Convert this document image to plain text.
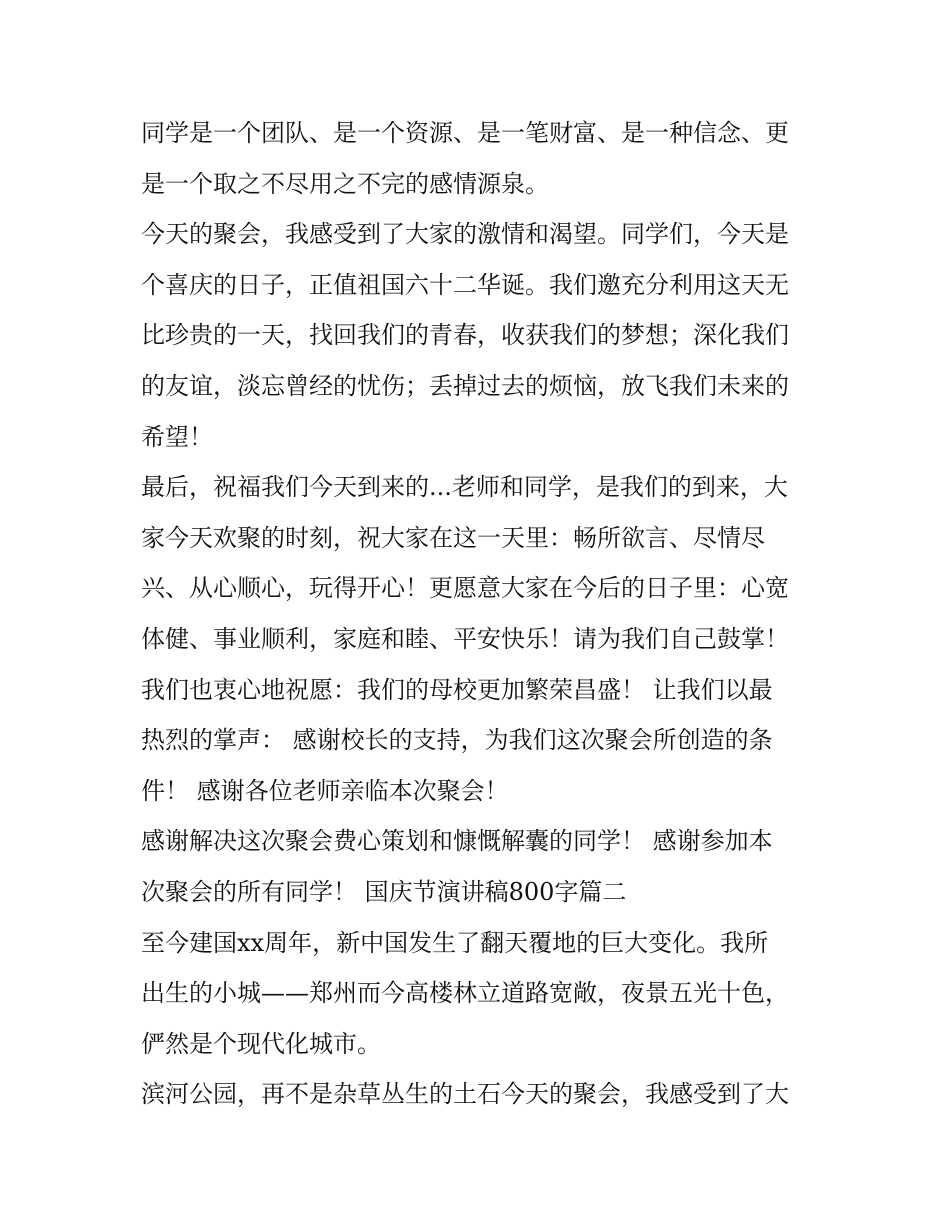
同学是一个团队、是一个资源、是一笔财富、是一种信念、更
是一个取之不尽用之不完的感情源泉。
今天的聚会，我感受到了大家的激情和渴望。同学们，今天是
个喜庆的日子，正值祖国六十二华诞。我们邀充分利用这天无
比珍贵的一天，找回我们的青春，收获我们的梦想；深化我们
的友谊，淡忘曾经的忧伤；丢掉过去的烦恼，放飞我们未来的
希望！
最后，祝福我们今天到来的...老师和同学，是我们的到来，大
家今天欢聚的时刻，祝大家在这一天里：畅所欲言、尽情尽
兴、从心顺心，玩得开心！更愿意大家在今后的日子里：心宽
体健、事业顺利，家庭和睦、平安快乐！请为我们自己鼓掌！
我们也衷心地祝愿：我们的母校更加繁荣昌盛！ 让我们以最
热烈的掌声： 感谢校长的支持，为我们这次聚会所创造的条
件！ 感谢各位老师亲临本次聚会！
感谢解决这次聚会费心策划和慷慨解囊的同学！ 感谢参加本
次聚会的所有同学！ 国庆节演讲稿800字篇二
至今建国xx周年，新中国发生了翻天覆地的巨大变化。我所
出生的小城——郑州而今高楼林立道路宽敞，夜景五光十色，
俨然是个现代化城市。
滨河公园，再不是杂草丛生的土石今天的聚会，我感受到了大
